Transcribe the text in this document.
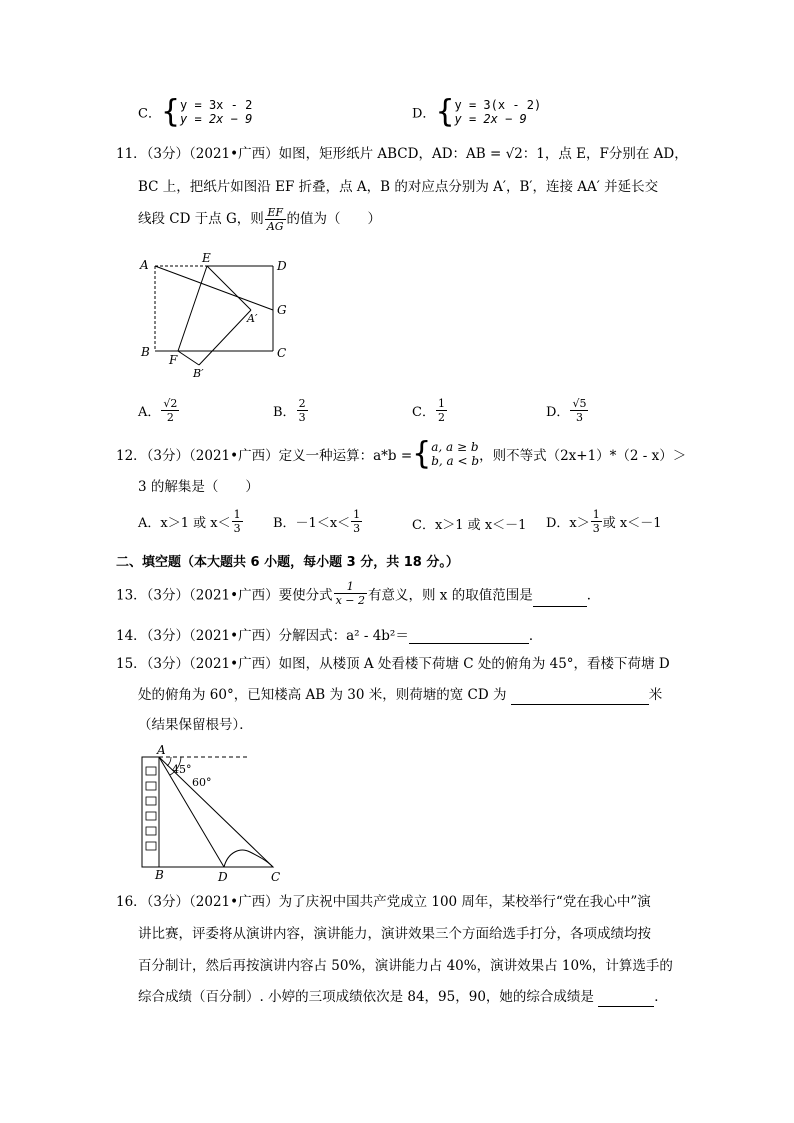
C．{ y = 3x - 2
y = 2x − 9	D．{ y = 3(x - 2)
y = 2x − 9
11．（3分）（2021•广西）如图，矩形纸片 ABCD，AD：AB = √2：1，点 E，F分别在 AD，
BC 上，把纸片如图沿 EF 折叠，点 A，B 的对应点分别为 A′，B′，连接 AA′ 并延长交
线段 CD 于点 G，则 $\frac{EF}{AG}$ 的值为（　　）
A	E
D
G
A′
B
F	C
B′
A． $\frac{√2}{2}$	B． $\frac{2}{3}$	C． $\frac{1}{2}$	D． $\frac{√5}{3}$
12．（3分）（2021•广西）定义一种运算：a*b ={ a, a ≥ b
b, a < b ，则不等式（2x+1）*（2 - x）＞
3 的解集是（　　）
A．x＞1 或 $x< \frac{1}{3}$ B．$-1<x< \frac{1}{3}$	C．x＞1 或 x＜－1 D．$x> \frac{1}{3}$ 或 x＜－1
二、填空题（本大题共 6 小题，每小题 3 分，共 18 分。）
13．（3分）（2021•广西）要使分式 $\frac{1}{x - 2}$ 有意义，则 x 的取值范围是	．
14．（3分）（2021•广西）分解因式：a² - 4b²＝	．
15．（3分）（2021•广西）如图，从楼顶 A 处看楼下荷塘 C 处的俯角为 45°，看楼下荷塘 D
处的俯角为 60°，已知楼高 AB 为 30 米，则荷塘的宽 CD 为	米
（结果保留根号）．
A
45°
60°
B	D	C
16．（3分）（2021•广西）为了庆祝中国共产党成立 100 周年，某校举行“党在我心中”演
讲比赛，评委将从演讲内容，演讲能力，演讲效果三个方面给选手打分，各项成绩均按
百分制计，然后再按演讲内容占 50%，演讲能力占 40%，演讲效果占 10%，计算选手的
综合成绩（百分制）. 小婷的三项成绩依次是 84，95，90，她的综合成绩是	．
